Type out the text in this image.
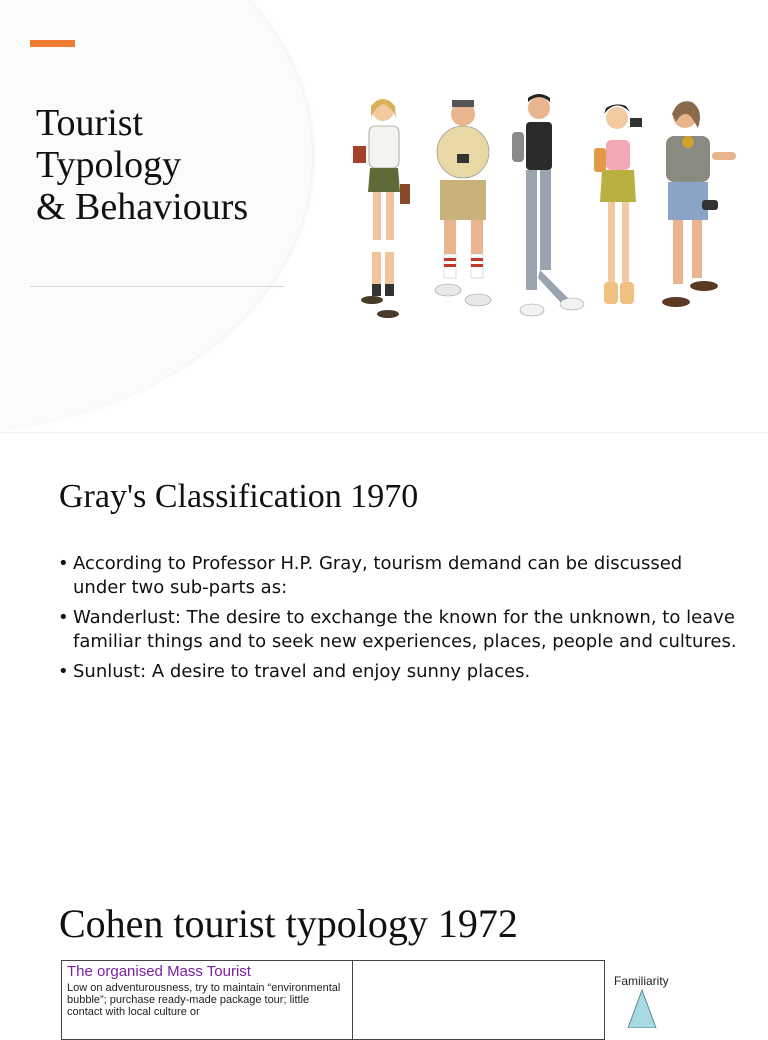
Tourist
Typology
& Behaviours
Gray's Classification 1970
• According to Professor H.P. Gray, tourism demand can be discussed under two sub-parts as:
• Wanderlust: The desire to exchange the known for the unknown, to leave familiar things and to seek new experiences, places, people and cultures.
• Sunlust: A desire to travel and enjoy sunny places.
Cohen tourist typology 1972
The organised Mass Tourist
Low on adventurousness, try to maintain “environmental bubble”; purchase ready-made package tour; little contact with local culture or
Familiarity
